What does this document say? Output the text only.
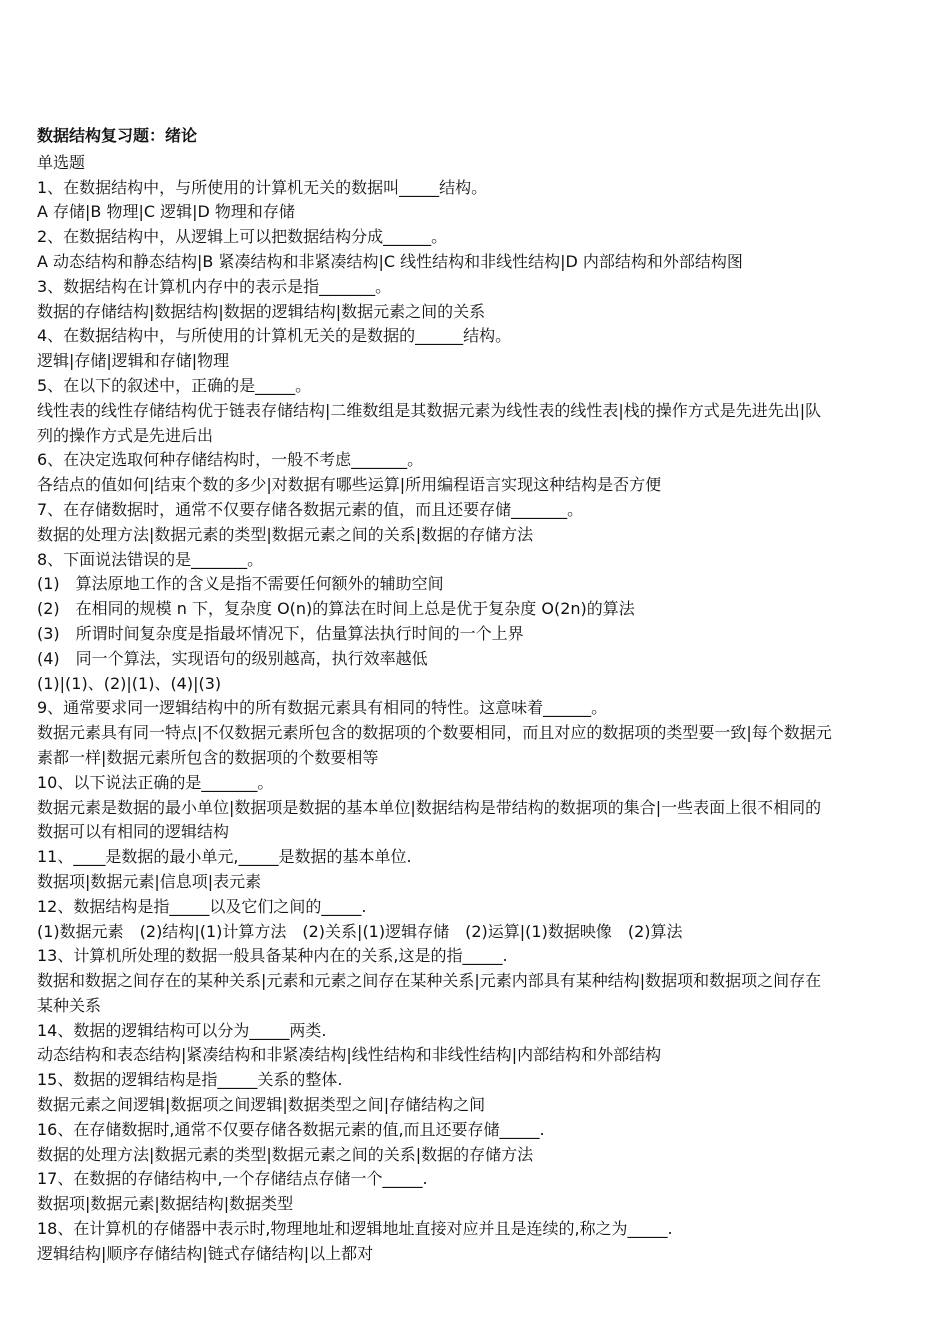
数据结构复习题：绪论
单选题
1、在数据结构中，与所使用的计算机无关的数据叫_____结构。
A 存储|B 物理|C 逻辑|D 物理和存储
2、在数据结构中，从逻辑上可以把数据结构分成______。
A 动态结构和静态结构|B 紧凑结构和非紧凑结构|C 线性结构和非线性结构|D 内部结构和外部结构图
3、数据结构在计算机内存中的表示是指_______。
数据的存储结构|数据结构|数据的逻辑结构|数据元素之间的关系
4、在数据结构中，与所使用的计算机无关的是数据的______结构。
逻辑|存储|逻辑和存储|物理
5、在以下的叙述中，正确的是_____。
线性表的线性存储结构优于链表存储结构|二维数组是其数据元素为线性表的线性表|栈的操作方式是先进先出|队列的操作方式是先进后出
6、在决定选取何种存储结构时，一般不考虑_______。
各结点的值如何|结束个数的多少|对数据有哪些运算|所用编程语言实现这种结构是否方便
7、在存储数据时，通常不仅要存储各数据元素的值，而且还要存储_______。
数据的处理方法|数据元素的类型|数据元素之间的关系|数据的存储方法
8、下面说法错误的是_______。
(1)　算法原地工作的含义是指不需要任何额外的辅助空间
(2)　在相同的规模 n 下，复杂度 O(n)的算法在时间上总是优于复杂度 O(2n)的算法
(3)　所谓时间复杂度是指最坏情况下，估量算法执行时间的一个上界
(4)　同一个算法，实现语句的级别越高，执行效率越低
(1)|(1)、(2)|(1)、(4)|(3)
9、通常要求同一逻辑结构中的所有数据元素具有相同的特性。这意味着______。
数据元素具有同一特点|不仅数据元素所包含的数据项的个数要相同，而且对应的数据项的类型要一致|每个数据元素都一样|数据元素所包含的数据项的个数要相等
10、以下说法正确的是_______。
数据元素是数据的最小单位|数据项是数据的基本单位|数据结构是带结构的数据项的集合|一些表面上很不相同的数据可以有相同的逻辑结构
11、____是数据的最小单元,_____是数据的基本单位.
数据项|数据元素|信息项|表元素
12、数据结构是指_____以及它们之间的_____.
(1)数据元素　(2)结构|(1)计算方法　(2)关系|(1)逻辑存储　(2)运算|(1)数据映像　(2)算法
13、计算机所处理的数据一般具备某种内在的关系,这是的指_____.
数据和数据之间存在的某种关系|元素和元素之间存在某种关系|元素内部具有某种结构|数据项和数据项之间存在某种关系
14、数据的逻辑结构可以分为_____两类.
动态结构和表态结构|紧凑结构和非紧凑结构|线性结构和非线性结构|内部结构和外部结构
15、数据的逻辑结构是指_____关系的整体.
数据元素之间逻辑|数据项之间逻辑|数据类型之间|存储结构之间
16、在存储数据时,通常不仅要存储各数据元素的值,而且还要存储_____.
数据的处理方法|数据元素的类型|数据元素之间的关系|数据的存储方法
17、在数据的存储结构中,一个存储结点存储一个_____.
数据项|数据元素|数据结构|数据类型
18、在计算机的存储器中表示时,物理地址和逻辑地址直接对应并且是连续的,称之为_____.
逻辑结构|顺序存储结构|链式存储结构|以上都对
